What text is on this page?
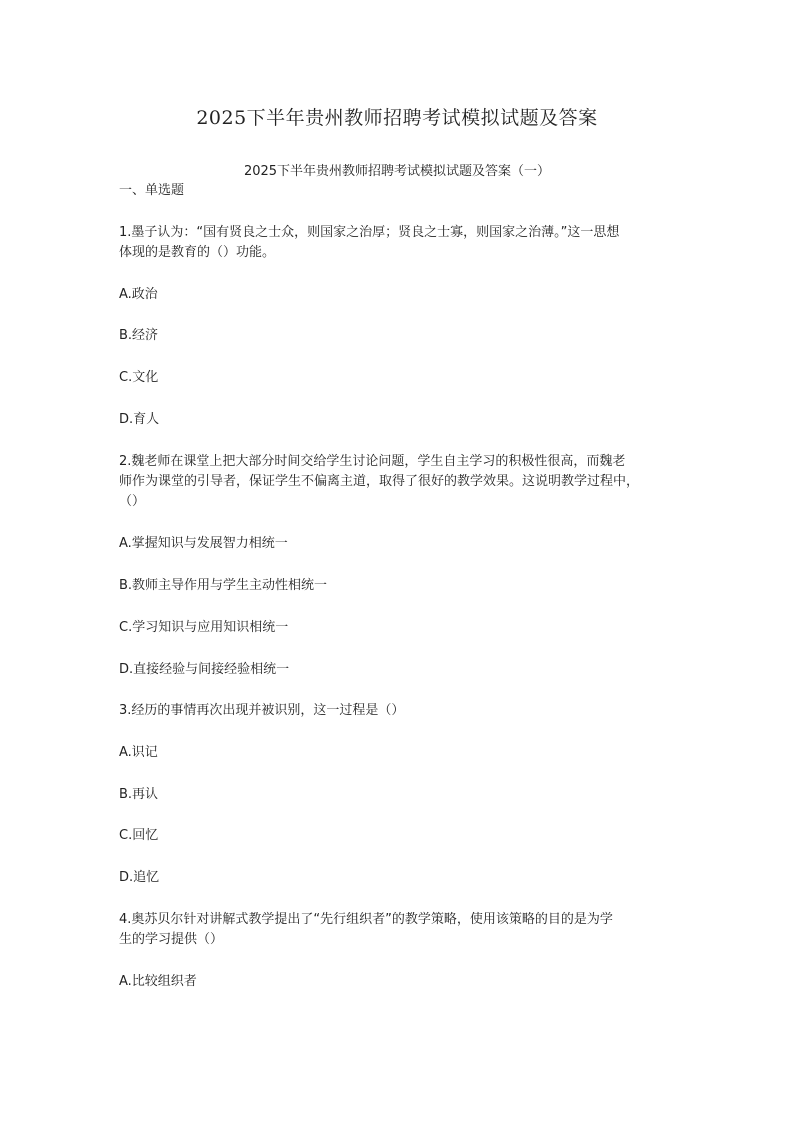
2025下半年贵州教师招聘考试模拟试题及答案
2025下半年贵州教师招聘考试模拟试题及答案（一）
一、单选题
1.墨子认为：“国有贤良之士众，则国家之治厚；贤良之士寡，则国家之治薄。”这一思想
体现的是教育的（）功能。
A.政治
B.经济
C.文化
D.育人
2.魏老师在课堂上把大部分时间交给学生讨论问题，学生自主学习的积极性很高，而魏老
师作为课堂的引导者，保证学生不偏离主道，取得了很好的教学效果。这说明教学过程中，
（）
A.掌握知识与发展智力相统一
B.教师主导作用与学生主动性相统一
C.学习知识与应用知识相统一
D.直接经验与间接经验相统一
3.经历的事情再次出现并被识别，这一过程是（）
A.识记
B.再认
C.回忆
D.追忆
4.奥苏贝尔针对讲解式教学提出了“先行组织者”的教学策略，使用该策略的目的是为学
生的学习提供（）
A.比较组织者
